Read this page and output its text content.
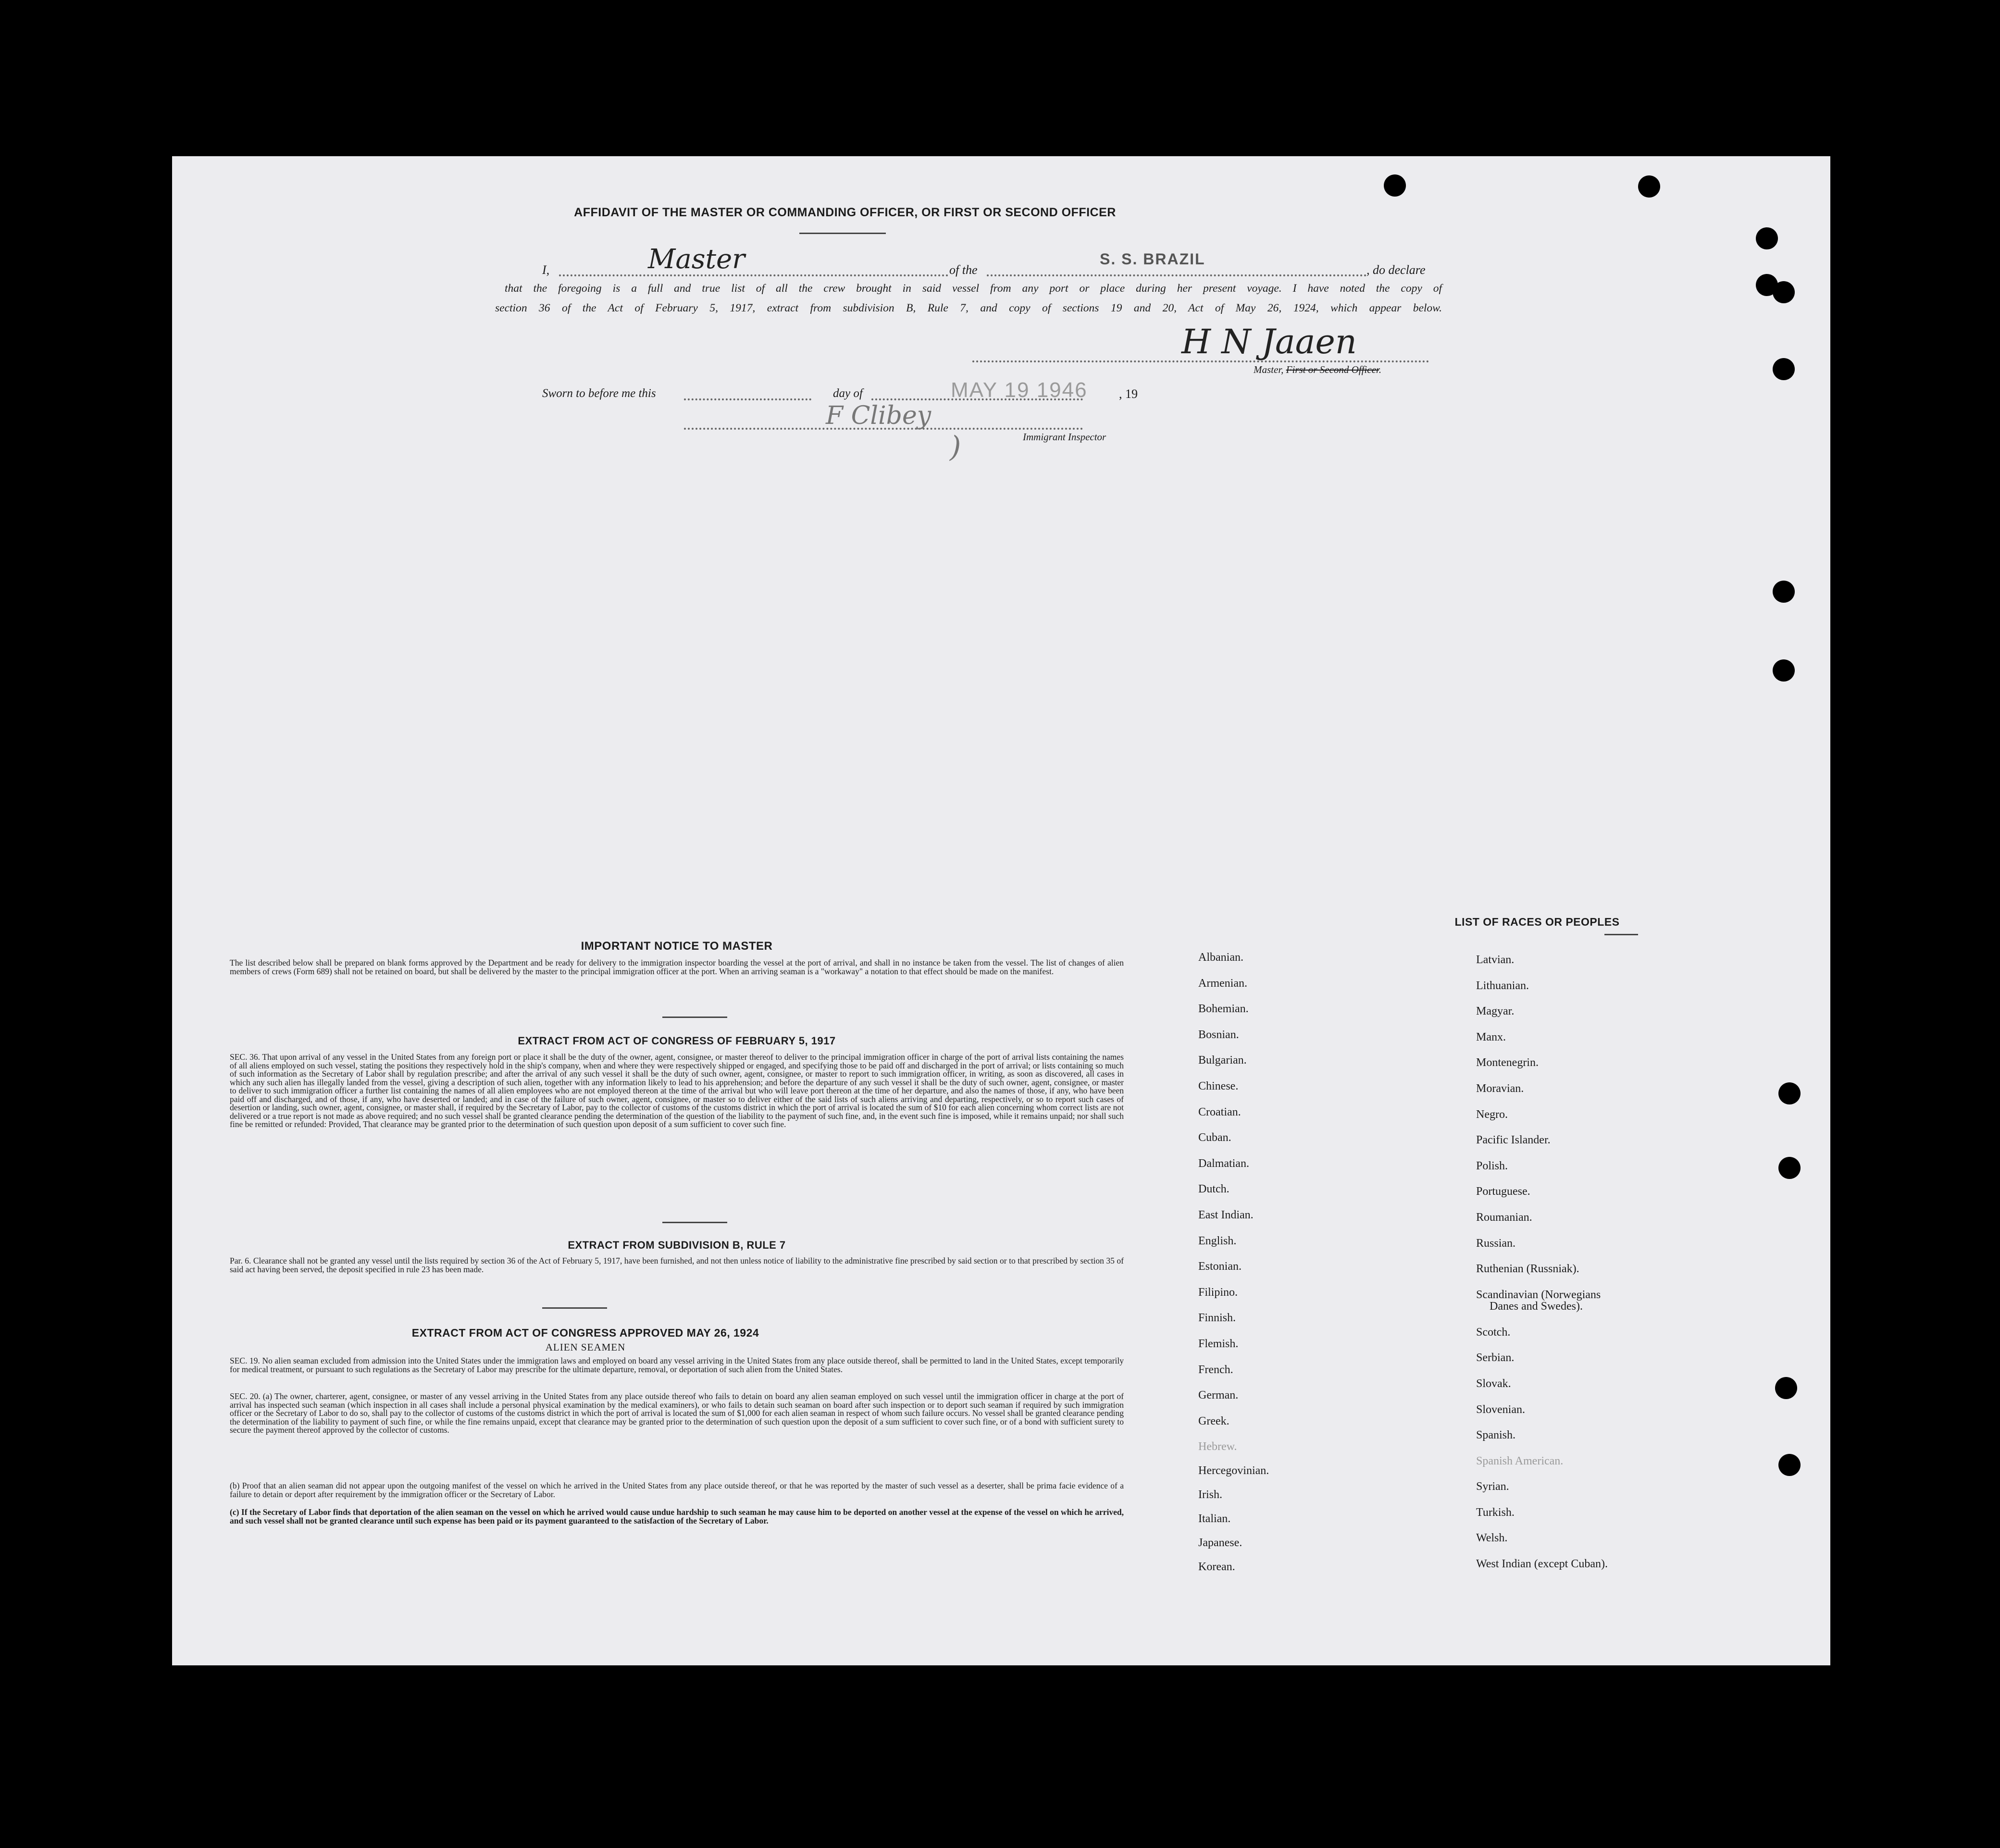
AFFIDAVIT OF THE MASTER OR COMMANDING OFFICER, OR FIRST OR SECOND OFFICER
I,	Master	of the
S. S. BRAZIL
, do declare
that the foregoing is a full and true list of all the crew brought in said vessel from any port or place during her present voyage. I have noted the copy of
section 36 of the Act of February 5, 1917, extract from subdivision B, Rule 7, and copy of sections 19 and 20, Act of May 26, 1924, which appear below.
H N Jaaen
Master, First or Second Officer.
Sworn to before me this	day of	MAY 19 1946	, 19
F Clibey
)	Immigrant Inspector
IMPORTANT NOTICE TO MASTER
The list described below shall be prepared on blank forms approved by the Department and be ready for delivery to the immigration inspector boarding the vessel at the port of arrival, and shall in no instance be taken from the vessel. The list of changes of alien members of crews (Form 689) shall not be retained on board, but shall be delivered by the master to the principal immigration officer at the port. When an arriving seaman is a "workaway" a notation to that effect should be made on the manifest.
EXTRACT FROM ACT OF CONGRESS OF FEBRUARY 5, 1917
SEC. 36. That upon arrival of any vessel in the United States from any foreign port or place it shall be the duty of the owner, agent, consignee, or master thereof to deliver to the principal immigration officer in charge of the port of arrival lists containing the names of all aliens employed on such vessel, stating the positions they respectively hold in the ship's company, when and where they were respectively shipped or engaged, and specifying those to be paid off and discharged in the port of arrival; or lists containing so much of such information as the Secretary of Labor shall by regulation prescribe; and after the arrival of any such vessel it shall be the duty of such owner, agent, consignee, or master to report to such immigration officer, in writing, as soon as discovered, all cases in which any such alien has illegally landed from the vessel, giving a description of such alien, together with any information likely to lead to his apprehension; and before the departure of any such vessel it shall be the duty of such owner, agent, consignee, or master to deliver to such immigration officer a further list containing the names of all alien employees who are not employed thereon at the time of the arrival but who will leave port thereon at the time of her departure, and also the names of those, if any, who have been paid off and discharged, and of those, if any, who have deserted or landed; and in case of the failure of such owner, agent, consignee, or master so to deliver either of the said lists of such aliens arriving and departing, respectively, or so to report such cases of desertion or landing, such owner, agent, consignee, or master shall, if required by the Secretary of Labor, pay to the collector of customs of the customs district in which the port of arrival is located the sum of $10 for each alien concerning whom correct lists are not delivered or a true report is not made as above required; and no such vessel shall be granted clearance pending the determination of the question of the liability to the payment of such fine, and, in the event such fine is imposed, while it remains unpaid; nor shall such fine be remitted or refunded: Provided, That clearance may be granted prior to the determination of such question upon deposit of a sum sufficient to cover such fine.
EXTRACT FROM SUBDIVISION B, RULE 7
Par. 6. Clearance shall not be granted any vessel until the lists required by section 36 of the Act of February 5, 1917, have been furnished, and not then unless notice of liability to the administrative fine prescribed by said section or to that prescribed by section 35 of said act having been served, the deposit specified in rule 23 has been made.
EXTRACT FROM ACT OF CONGRESS APPROVED MAY 26, 1924
ALIEN SEAMEN
SEC. 19. No alien seaman excluded from admission into the United States under the immigration laws and employed on board any vessel arriving in the United States from any place outside thereof, shall be permitted to land in the United States, except temporarily for medical treatment, or pursuant to such regulations as the Secretary of Labor may prescribe for the ultimate departure, removal, or deportation of such alien from the United States.
SEC. 20. (a) The owner, charterer, agent, consignee, or master of any vessel arriving in the United States from any place outside thereof who fails to detain on board any alien seaman employed on such vessel until the immigration officer in charge at the port of arrival has inspected such seaman (which inspection in all cases shall include a personal physical examination by the medical examiners), or who fails to detain such seaman on board after such inspection or to deport such seaman if required by such immigration officer or the Secretary of Labor to do so, shall pay to the collector of customs of the customs district in which the port of arrival is located the sum of $1,000 for each alien seaman in respect of whom such failure occurs. No vessel shall be granted clearance pending the determination of the liability to payment of such fine, or while the fine remains unpaid, except that clearance may be granted prior to the determination of such question upon the deposit of a sum sufficient to cover such fine, or of a bond with sufficient surety to secure the payment thereof approved by the collector of customs.
(b) Proof that an alien seaman did not appear upon the outgoing manifest of the vessel on which he arrived in the United States from any place outside thereof, or that he was reported by the master of such vessel as a deserter, shall be prima facie evidence of a failure to detain or deport after requirement by the immigration officer or the Secretary of Labor.
(c) If the Secretary of Labor finds that deportation of the alien seaman on the vessel on which he arrived would cause undue hardship to such seaman he may cause him to be deported on another vessel at the expense of the vessel on which he arrived, and such vessel shall not be granted clearance until such expense has been paid or its payment guaranteed to the satisfaction of the Secretary of Labor.
LIST OF RACES OR PEOPLES
Albanian.
Armenian.
Bohemian.
Bosnian.
Bulgarian.
Chinese.
Croatian.
Cuban.
Dalmatian.
Dutch.
East Indian.
English.
Estonian.
Filipino.
Finnish.
Flemish.
French.
German.
Greek.
Hebrew.
Hercegovinian.
Irish.
Italian.
Japanese.
Korean.
Latvian.
Lithuanian.
Magyar.
Manx.
Montenegrin.
Moravian.
Negro.
Pacific Islander.
Polish.
Portuguese.
Roumanian.
Russian.
Ruthenian (Russniak).
Scandinavian (Norwegians
Danes and Swedes).
Scotch.
Serbian.
Slovak.
Slovenian.
Spanish.
Spanish American.
Syrian.
Turkish.
Welsh.
West Indian (except Cuban).
